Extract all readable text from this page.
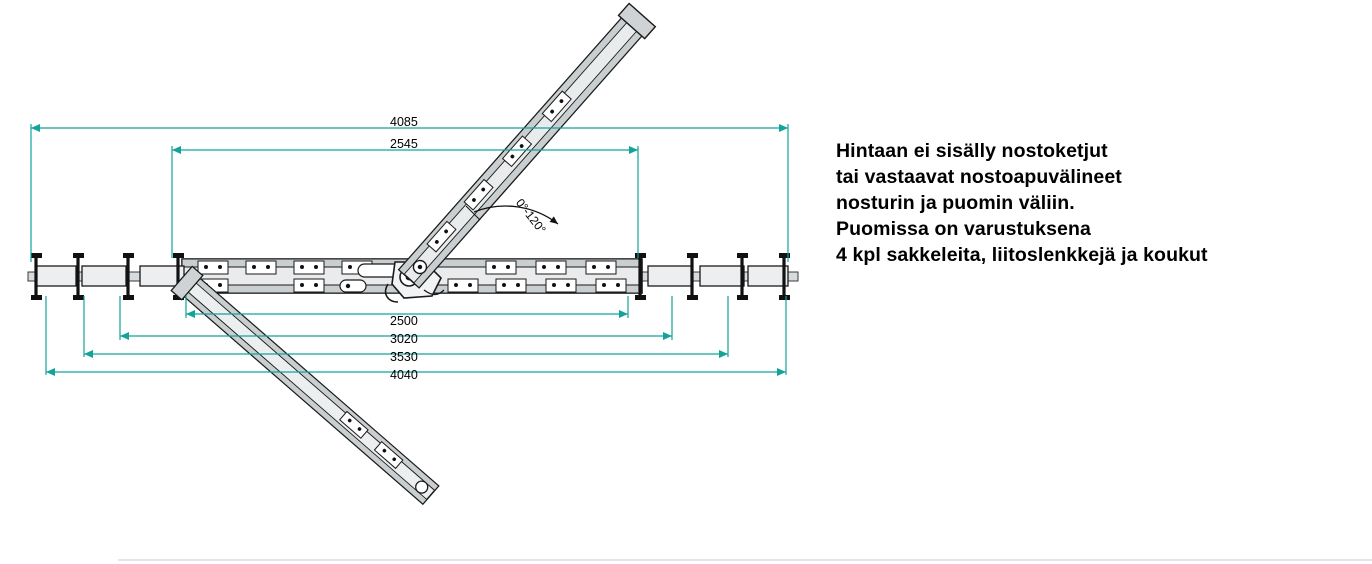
4085
2545
2500
3020
3530
4040
0°-120°
Hintaan ei sisälly nostoketjut
tai vastaavat nostoapuvälineet
nosturin ja puomin väliin.
Puomissa on varustuksena
4 kpl sakkeleita, liitoslenkkejä ja koukut
